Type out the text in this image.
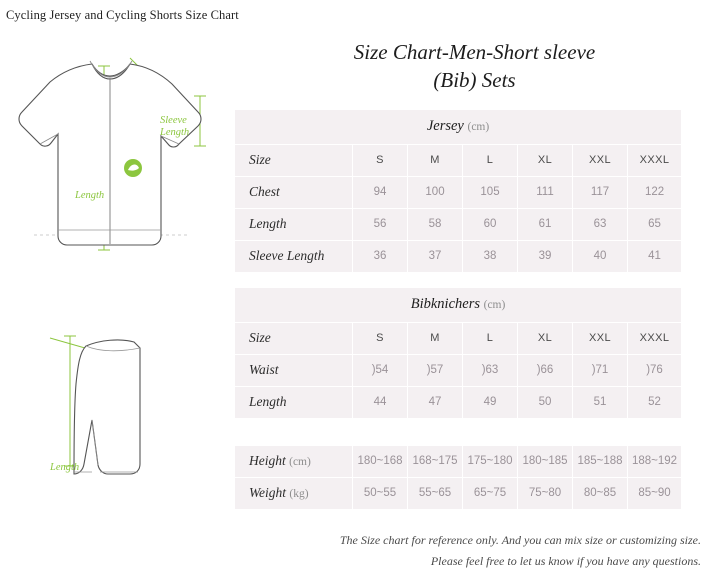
Cycling Jersey and Cycling Shorts Size Chart
Sleeve
Length
Length
Length
Size Chart-Men-Short sleeve
(Bib) Sets
Jersey (cm)						
Size	S	M	L	XL	XXL	XXXL
Chest	94	100	105	111	117	122
Length	56	58	60	61	63	65
Sleeve Length	36	37	38	39	40	41
Bibknichers (cm)						
Size	S	M	L	XL	XXL	XXXL
Waist	)54	)57	)63	)66	)71	)76
Length	44	47	49	50	51	52
Height (cm)	180~168	168~175	175~180	180~185	185~188	188~192
Weight (kg)	50~55	55~65	65~75	75~80	80~85	85~90
The Size chart for reference only. And you can mix size or customizing size.
Please feel free to let us know if you have any questions.
